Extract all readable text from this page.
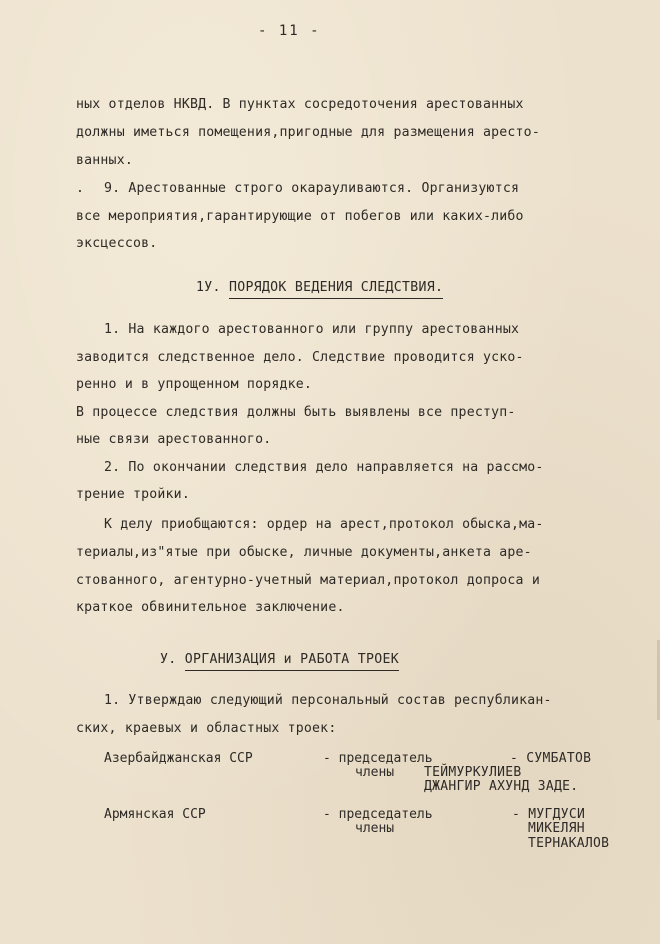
- 11 -
ных отделов НКВД. В пунктах сосредоточения арестованных
должны иметься помещения,пригодные для размещения аресто-
ванных.
. 9. Арестованные строго окарауливаются. Организуются
все мероприятия,гарантирующие от побегов или каких-либо
эксцессов.
1У. ПОРЯДОК ВЕДЕНИЯ СЛЕДСТВИЯ.
1. На каждого арестованного или группу арестованных
заводится следственное дело. Следствие проводится уско-
ренно и в упрощенном порядке.
В процессе следствия должны быть выявлены все преступ-
ные связи арестованного.
2. По окончании следствия дело направляется на рассмо-
трение тройки.
К делу приобщаются: ордер на арест,протокол обыска,ма-
териалы,из"ятые при обыске, личные документы,анкета аре-
стованного, агентурно-учетный материал,протокол допроса и
краткое обвинительное заключение.
У. ОРГАНИЗАЦИЯ и РАБОТА ТРОЕК
1. Утверждаю следующий персональный состав республикан-
ских, краевых и областных троек:
Азербайджанская ССР	- председатель
члены
- СУМБАТОВ
ТЕЙМУРКУЛИЕВ
ДЖАНГИР АХУНД ЗАДЕ.
Армянская ССР	- председатель
члены
- МУГДУСИ
МИКЕЛЯН
ТЕРНАКАЛОВ
